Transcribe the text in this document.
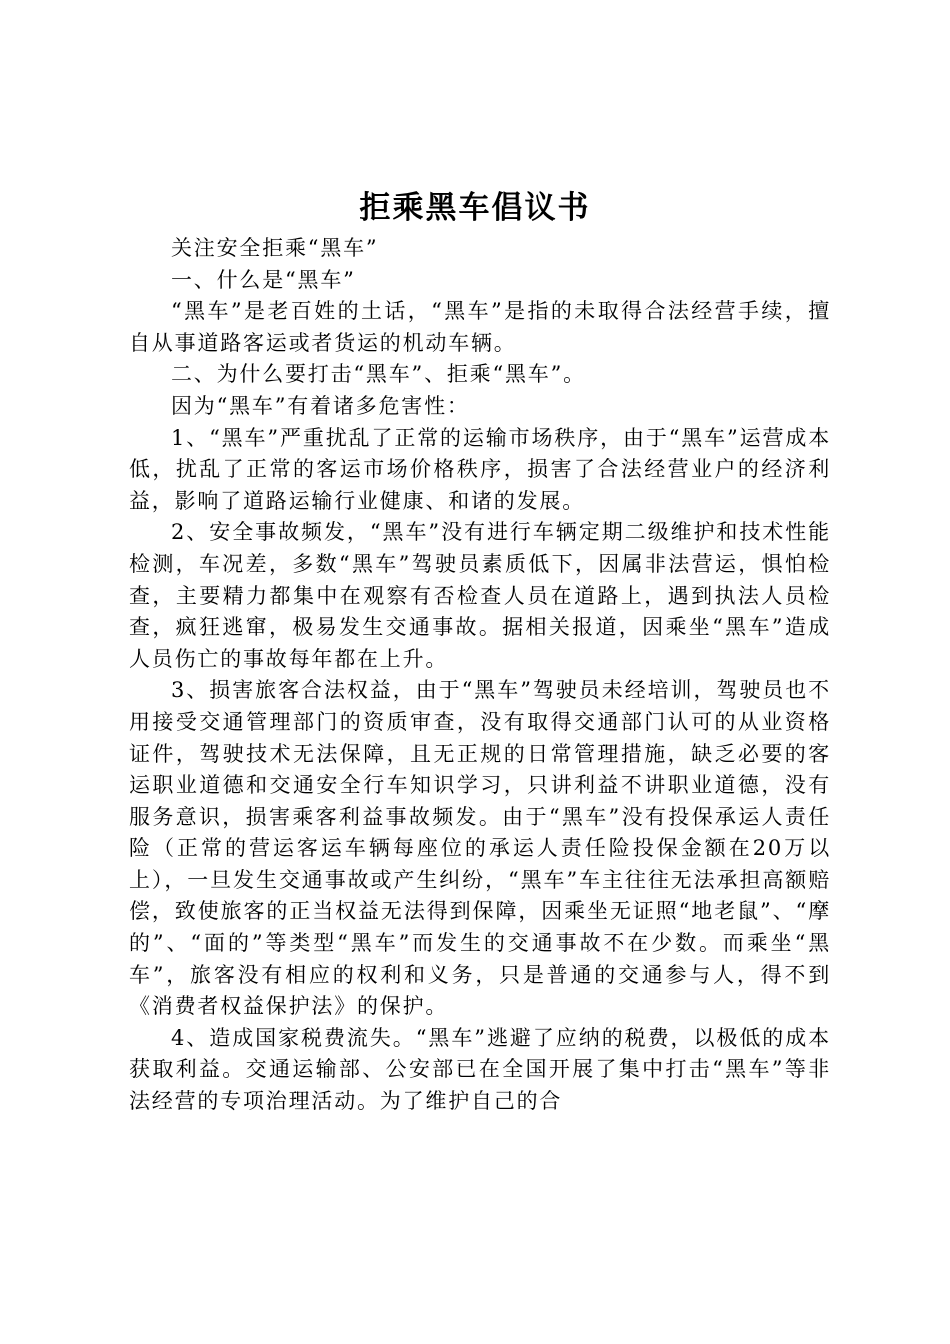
拒乘黑车倡议书

关注安全拒乘“黑车”

一、什么是“黑车”

“黑车”是老百姓的土话，“黑车”是指的未取得合法经营手续，擅自从事道路客运或者货运的机动车辆。

二、为什么要打击“黑车”、拒乘“黑车”。

因为“黑车”有着诸多危害性：

1、“黑车”严重扰乱了正常的运输市场秩序，由于“黑车”运营成本低，扰乱了正常的客运市场价格秩序，损害了合法经营业户的经济利益，影响了道路运输行业健康、和诸的发展。

2、安全事故频发，“黑车”没有进行车辆定期二级维护和技术性能检测，车况差，多数“黑车”驾驶员素质低下，因属非法营运，惧怕检查，主要精力都集中在观察有否检查人员在道路上，遇到执法人员检查，疯狂逃窜，极易发生交通事故。据相关报道，因乘坐“黑车”造成人员伤亡的事故每年都在上升。

3、损害旅客合法权益，由于“黑车”驾驶员未经培训，驾驶员也不用接受交通管理部门的资质审查，没有取得交通部门认可的从业资格证件，驾驶技术无法保障，且无正规的日常管理措施，缺乏必要的客运职业道德和交通安全行车知识学习，只讲利益不讲职业道德，没有服务意识，损害乘客利益事故频发。由于“黑车”没有投保承运人责任险（正常的营运客运车辆每座位的承运人责任险投保金额在20万以上），一旦发生交通事故或产生纠纷，“黑车”车主往往无法承担高额赔偿，致使旅客的正当权益无法得到保障，因乘坐无证照“地老鼠”、“摩的”、“面的”等类型“黑车”而发生的交通事故不在少数。而乘坐“黑车”，旅客没有相应的权利和义务，只是普通的交通参与人，得不到《消费者权益保护法》的保护。

4、造成国家税费流失。“黑车”逃避了应纳的税费，以极低的成本获取利益。交通运输部、公安部已在全国开展了集中打击“黑车”等非法经营的专项治理活动。为了维护自己的合
